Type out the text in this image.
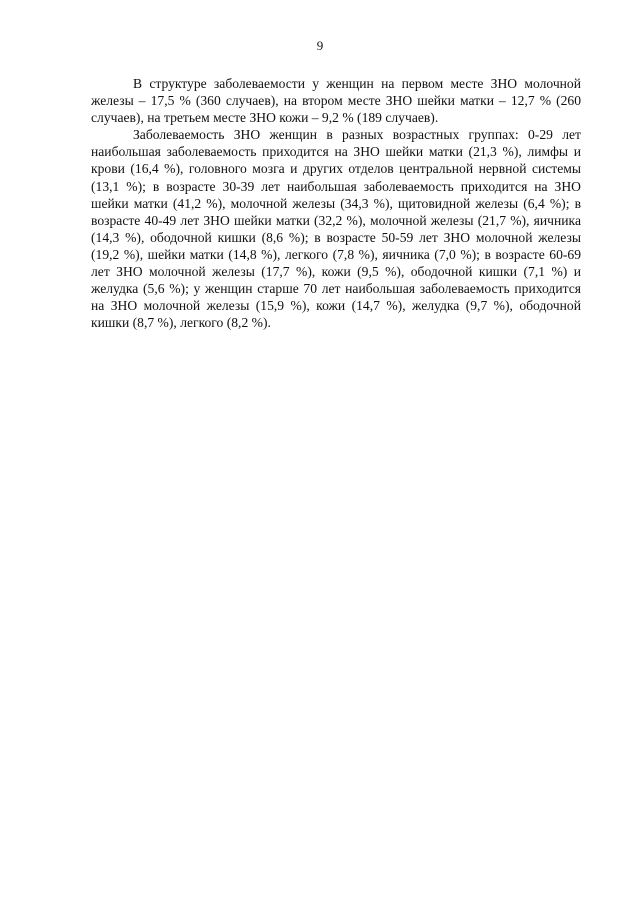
9

В структуре заболеваемости у женщин на первом месте ЗНО молочной железы – 17,5 % (360 случаев), на втором месте ЗНО шейки матки – 12,7 % (260 случаев), на третьем месте ЗНО кожи – 9,2 % (189 случаев).

Заболеваемость ЗНО женщин в разных возрастных группах: 0-29 лет наибольшая заболеваемость приходится на ЗНО шейки матки (21,3 %), лимфы и крови (16,4 %), головного мозга и других отделов центральной нервной системы (13,1 %); в возрасте 30-39 лет наибольшая заболеваемость приходится на ЗНО шейки матки (41,2 %), молочной железы (34,3 %), щитовидной железы (6,4 %); в возрасте 40-49 лет ЗНО шейки матки (32,2 %), молочной железы (21,7 %), яичника (14,3 %), ободочной кишки (8,6 %); в возрасте 50-59 лет ЗНО молочной железы (19,2 %), шейки матки (14,8 %), легкого (7,8 %), яичника (7,0 %); в возрасте 60-69 лет ЗНО молочной железы (17,7 %), кожи (9,5 %), ободочной кишки (7,1 %) и желудка (5,6 %); у женщин старше 70 лет наибольшая заболеваемость приходится на ЗНО молочной железы (15,9 %), кожи (14,7 %), желудка (9,7 %), ободочной кишки (8,7 %), легкого (8,2 %).
